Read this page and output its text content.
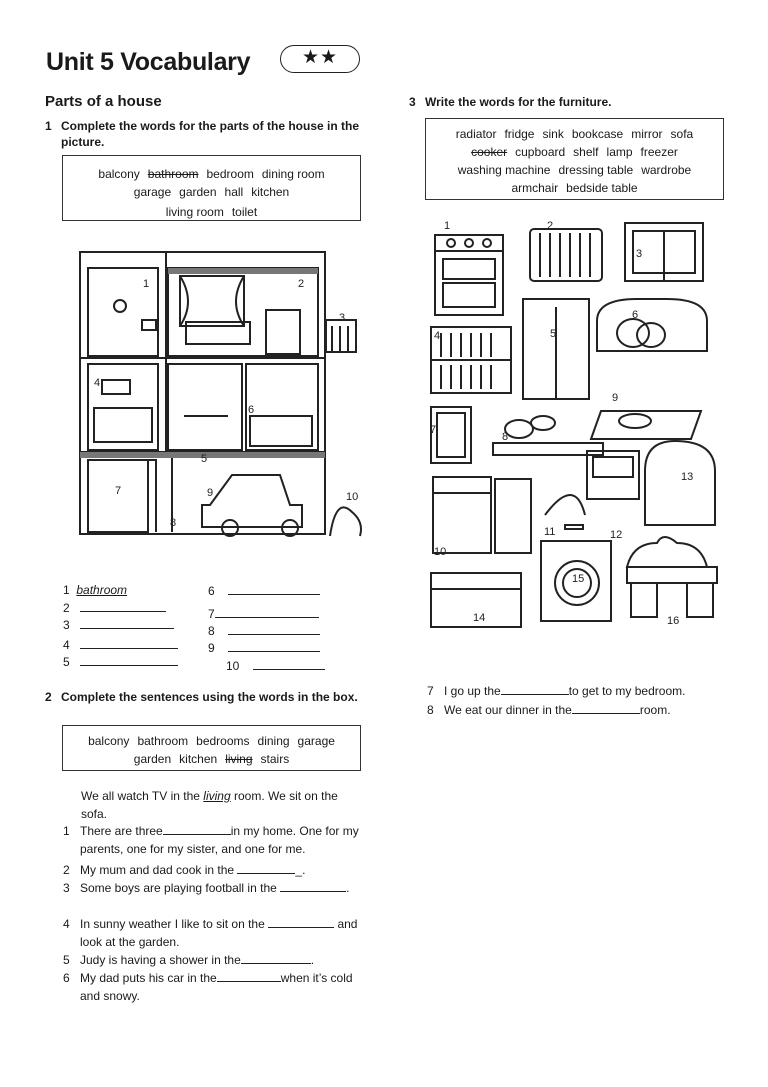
Unit 5 Vocabulary	★★
Parts of a house
1 Complete the words for the parts of the house in the picture.
balcony bathroom bedroom dining room
garage garden hall kitchen
living room toilet
1	2
3
4
5
6
7
8
9	10
1 bathroom
2
3
4
5
6
7
8
9
10
2 Complete the sentences using the words in the box.
balcony bathroom bedrooms dining garage
garden kitchen living stairs
We all watch TV in the living room. We sit on the sofa.
1 There are three	in my home. One for my parents, one for my sister, and one for me.
2 My mum and dad cook in the	_.
3 Some boys are playing football in the	.
4 In sunny weather I like to sit on the	and look at the garden.
5 Judy is having a shower in the	.
6 My dad puts his car in the	when it’s cold and snowy.
3 Write the words for the furniture.
radiator fridge sink bookcase mirror sofa
cooker cupboard shelf lamp freezer
washing machine dressing table wardrobe
armchair bedside table
1	2
3
4	5
6
7
8
9
10
11	12
13
14
15
16
7 I go up the	to get to my bedroom.
8 We eat our dinner in the	room.
